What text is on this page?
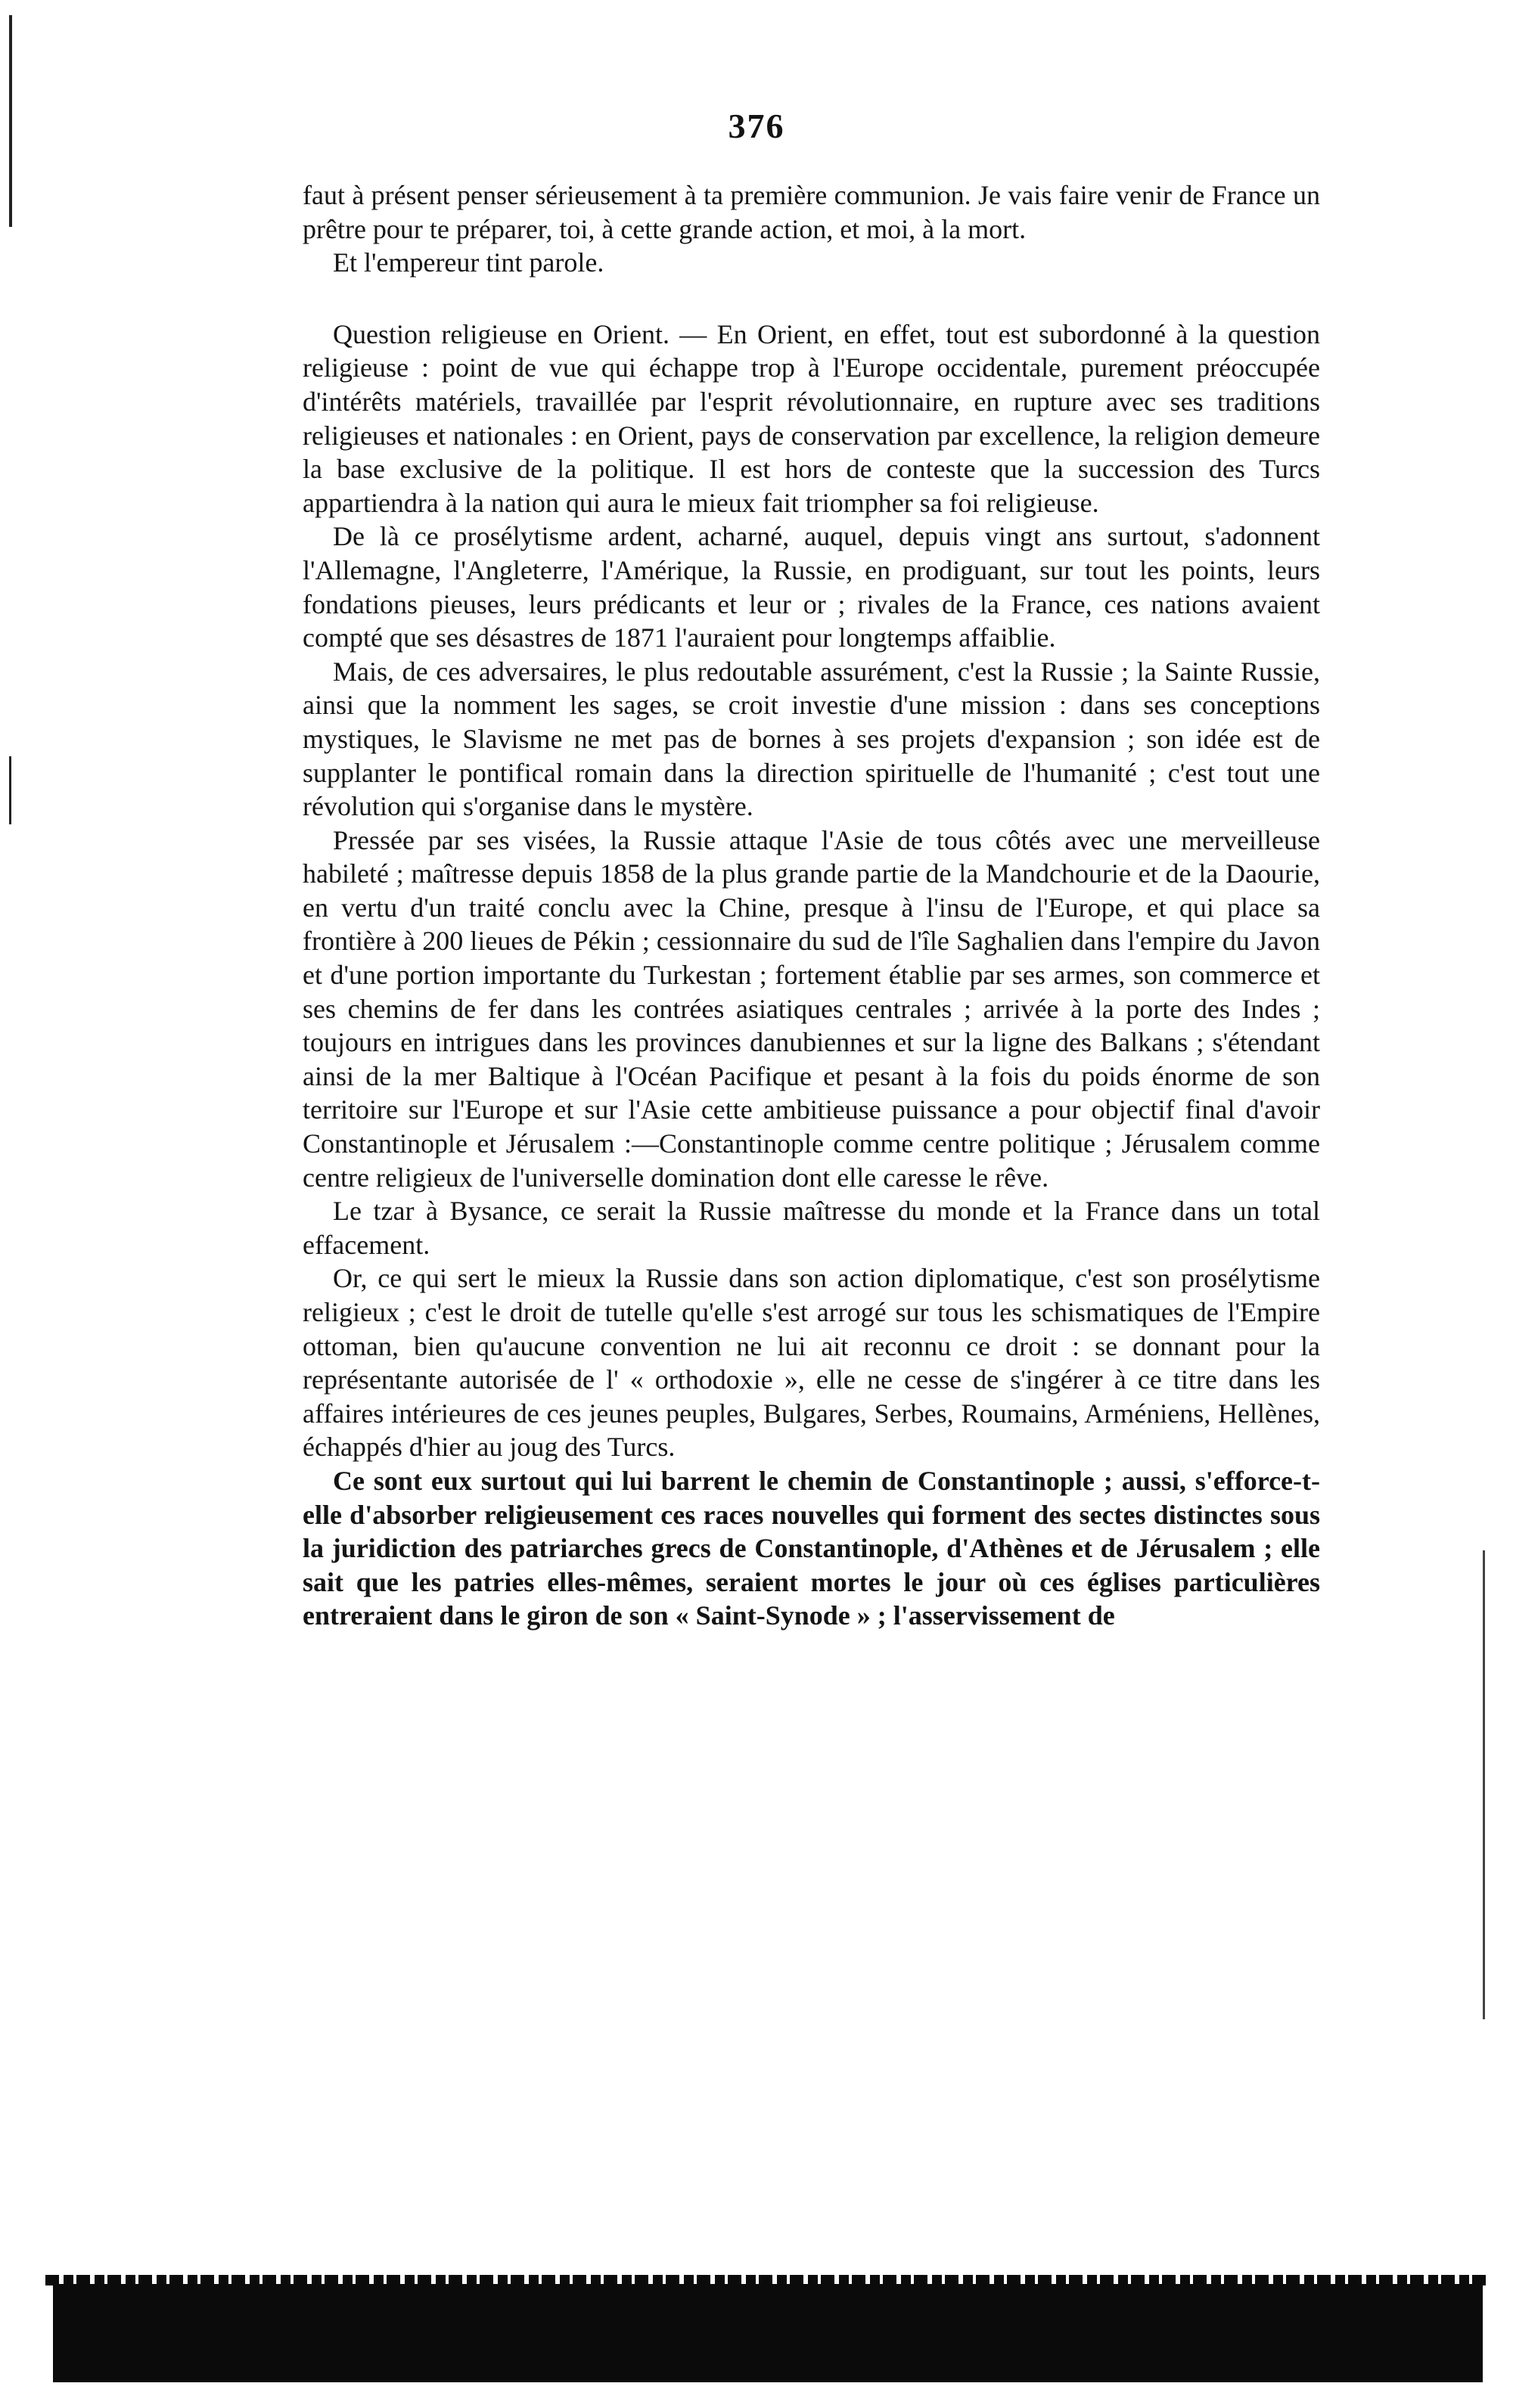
376

faut à présent penser sérieusement à ta première communion. Je vais faire venir de France un prêtre pour te préparer, toi, à cette grande action, et moi, à la mort.

Et l'empereur tint parole.

Question religieuse en Orient. — En Orient, en effet, tout est subordonné à la question religieuse : point de vue qui échappe trop à l'Europe occidentale, purement préoccupée d'intérêts matériels, travaillée par l'esprit révolutionnaire, en rupture avec ses traditions religieuses et nationales : en Orient, pays de conservation par excellence, la religion demeure la base exclusive de la politique. Il est hors de conteste que la succession des Turcs appartiendra à la nation qui aura le mieux fait triompher sa foi religieuse.

De là ce prosélytisme ardent, acharné, auquel, depuis vingt ans surtout, s'adonnent l'Allemagne, l'Angleterre, l'Amérique, la Russie, en prodiguant, sur tout les points, leurs fondations pieuses, leurs prédicants et leur or ; rivales de la France, ces nations avaient compté que ses désastres de 1871 l'auraient pour longtemps affaiblie.

Mais, de ces adversaires, le plus redoutable assurément, c'est la Russie ; la Sainte Russie, ainsi que la nomment les sages, se croit investie d'une mission : dans ses conceptions mystiques, le Slavisme ne met pas de bornes à ses projets d'expansion ; son idée est de supplanter le pontifical romain dans la direction spirituelle de l'humanité ; c'est tout une révolution qui s'organise dans le mystère.

Pressée par ses visées, la Russie attaque l'Asie de tous côtés avec une merveilleuse habileté ; maîtresse depuis 1858 de la plus grande partie de la Mandchourie et de la Daourie, en vertu d'un traité conclu avec la Chine, presque à l'insu de l'Europe, et qui place sa frontière à 200 lieues de Pékin ; cessionnaire du sud de l'île Saghalien dans l'empire du Javon et d'une portion importante du Turkestan ; fortement établie par ses armes, son commerce et ses chemins de fer dans les contrées asiatiques centrales ; arrivée à la porte des Indes ; toujours en intrigues dans les provinces danubiennes et sur la ligne des Balkans ; s'étendant ainsi de la mer Baltique à l'Océan Pacifique et pesant à la fois du poids énorme de son territoire sur l'Europe et sur l'Asie cette ambitieuse puissance a pour objectif final d'avoir Constantinople et Jérusalem :—Constantinople comme centre politique ; Jérusalem comme centre religieux de l'universelle domination dont elle caresse le rêve.

Le tzar à Bysance, ce serait la Russie maîtresse du monde et la France dans un total effacement.

Or, ce qui sert le mieux la Russie dans son action diplomatique, c'est son prosélytisme religieux ; c'est le droit de tutelle qu'elle s'est arrogé sur tous les schismatiques de l'Empire ottoman, bien qu'aucune convention ne lui ait reconnu ce droit : se donnant pour la représentante autorisée de l' « orthodoxie », elle ne cesse de s'ingérer à ce titre dans les affaires intérieures de ces jeunes peuples, Bulgares, Serbes, Roumains, Arméniens, Hellènes, échappés d'hier au joug des Turcs.

Ce sont eux surtout qui lui barrent le chemin de Constantinople ; aussi, s'efforce-t-elle d'absorber religieusement ces races nouvelles qui forment des sectes distinctes sous la juridiction des patriarches grecs de Constantinople, d'Athènes et de Jérusalem ; elle sait que les patries elles-mêmes, seraient mortes le jour où ces églises particulières entreraient dans le giron de son « Saint-Synode » ; l'asservissement de
